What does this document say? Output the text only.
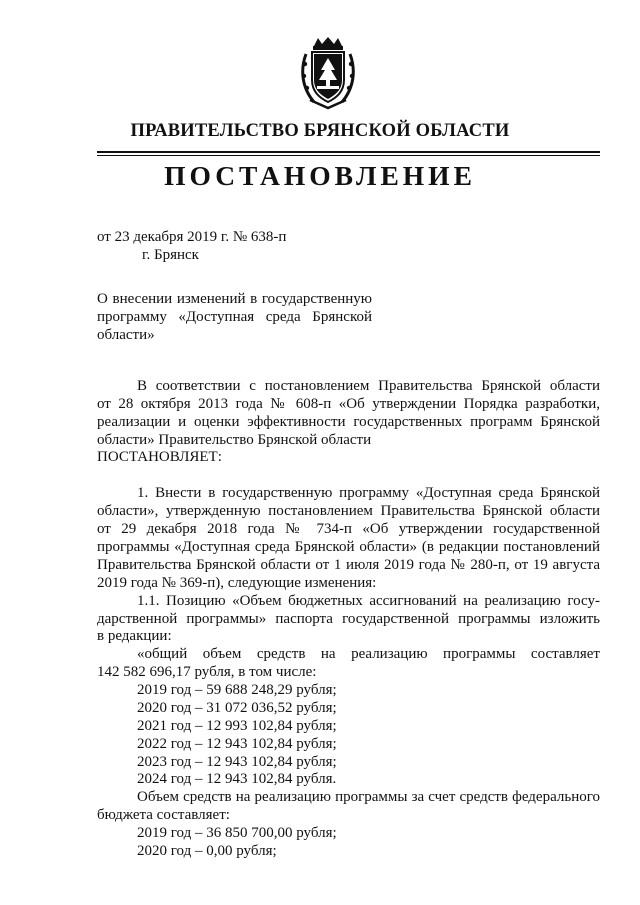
ПРАВИТЕЛЬСТВО БРЯНСКОЙ ОБЛАСТИ
ПОСТАНОВЛЕНИЕ
от 23 декабря 2019 г. № 638-п
г. Брянск
О внесении изменений в государственную
программу «Доступная среда Брянской
области»
В соответствии с постановлением Правительства Брянской области
от 28 октября 2013 года № 608-п «Об утверждении Порядка разработки,
реализации и оценки эффективности государственных программ Брянской
области» Правительство Брянской области
ПОСТАНОВЛЯЕТ:
1. Внести в государственную программу «Доступная среда Брянской
области», утвержденную постановлением Правительства Брянской области
от 29 декабря 2018 года № 734-п «Об утверждении государственной
программы «Доступная среда Брянской области» (в редакции постановлений
Правительства Брянской области от 1 июля 2019 года № 280-п, от 19 августа
2019 года № 369-п), следующие изменения:
1.1. Позицию «Объем бюджетных ассигнований на реализацию госу-
дарственной программы» паспорта государственной программы изложить
в редакции:
«общий объем средств на реализацию программы составляет
142 582 696,17 рубля, в том числе:
2019 год – 59 688 248,29 рубля;
2020 год – 31 072 036,52 рубля;
2021 год – 12 993 102,84 рубля;
2022 год – 12 943 102,84 рубля;
2023 год – 12 943 102,84 рубля;
2024 год – 12 943 102,84 рубля.
Объем средств на реализацию программы за счет средств федерального
бюджета составляет:
2019 год – 36 850 700,00 рубля;
2020 год – 0,00 рубля;
